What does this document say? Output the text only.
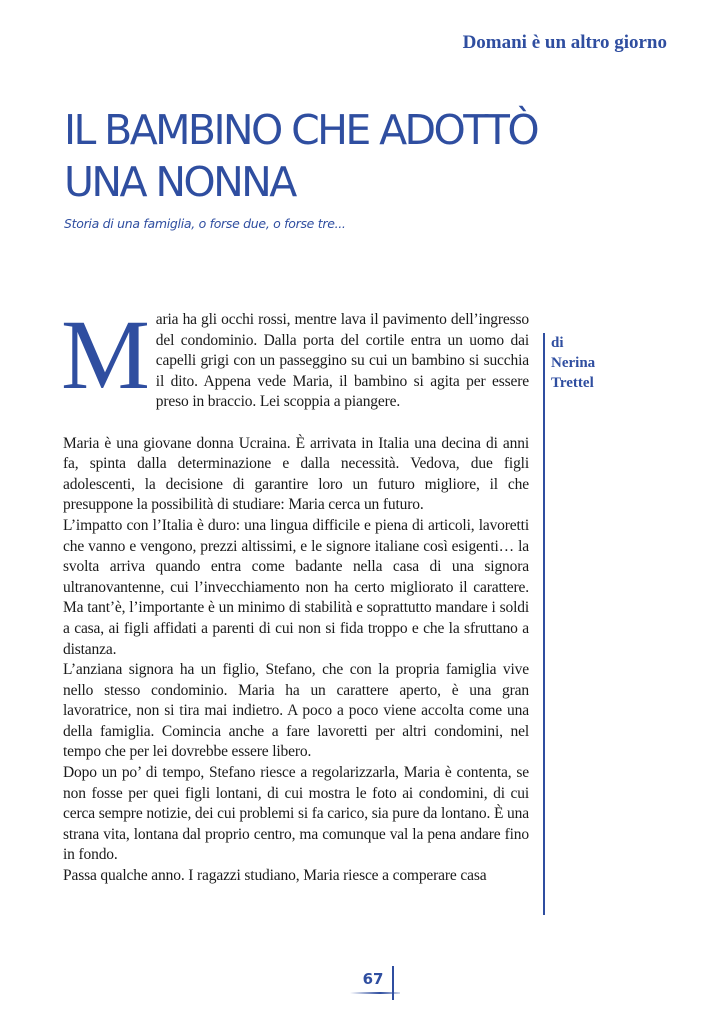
Domani è un altro giorno
IL BAMBINO CHE ADOTTÒ
UNA NONNA

Storia di una famiglia, o forse due, o forse tre...

di
Nerina
Trettel

Maria ha gli occhi rossi, mentre lava il pavimento dell’ingresso del condominio. Dalla porta del cortile entra un uomo dai capelli grigi con un passeggino su cui un bambino si succhia il dito. Appena vede Maria, il bambino si agita per essere preso in braccio. Lei scoppia a piangere.

Maria è una giovane donna Ucraina. È arrivata in Italia una decina di anni fa, spinta dalla determinazione e dalla necessità. Vedova, due figli adolescenti, la decisione di garantire loro un futuro migliore, il che presuppone la possibilità di studiare: Maria cerca un futuro.

L’impatto con l’Italia è duro: una lingua difficile e piena di articoli, lavoretti che vanno e vengono, prezzi altissimi, e le signore italiane così esigenti… la svolta arriva quando entra come badante nella casa di una signora ultranovantenne, cui l’invecchiamento non ha certo migliorato il carattere. Ma tant’è, l’importante è un minimo di stabilità e soprattutto mandare i soldi a casa, ai figli affidati a parenti di cui non si fida troppo e che la sfruttano a distanza.

L’anziana signora ha un figlio, Stefano, che con la propria famiglia vive nello stesso condominio. Maria ha un carattere aperto, è una gran lavoratrice, non si tira mai indietro. A poco a poco viene accolta come una della famiglia. Comincia anche a fare lavoretti per altri condomini, nel tempo che per lei dovrebbe essere libero.

Dopo un po’ di tempo, Stefano riesce a regolarizzarla, Maria è contenta, se non fosse per quei figli lontani, di cui mostra le foto ai condomini, di cui cerca sempre notizie, dei cui problemi si fa carico, sia pure da lontano. È una strana vita, lontana dal proprio centro, ma comunque val la pena andare fino in fondo.

Passa qualche anno. I ragazzi studiano, Maria riesce a comperare casa

67
